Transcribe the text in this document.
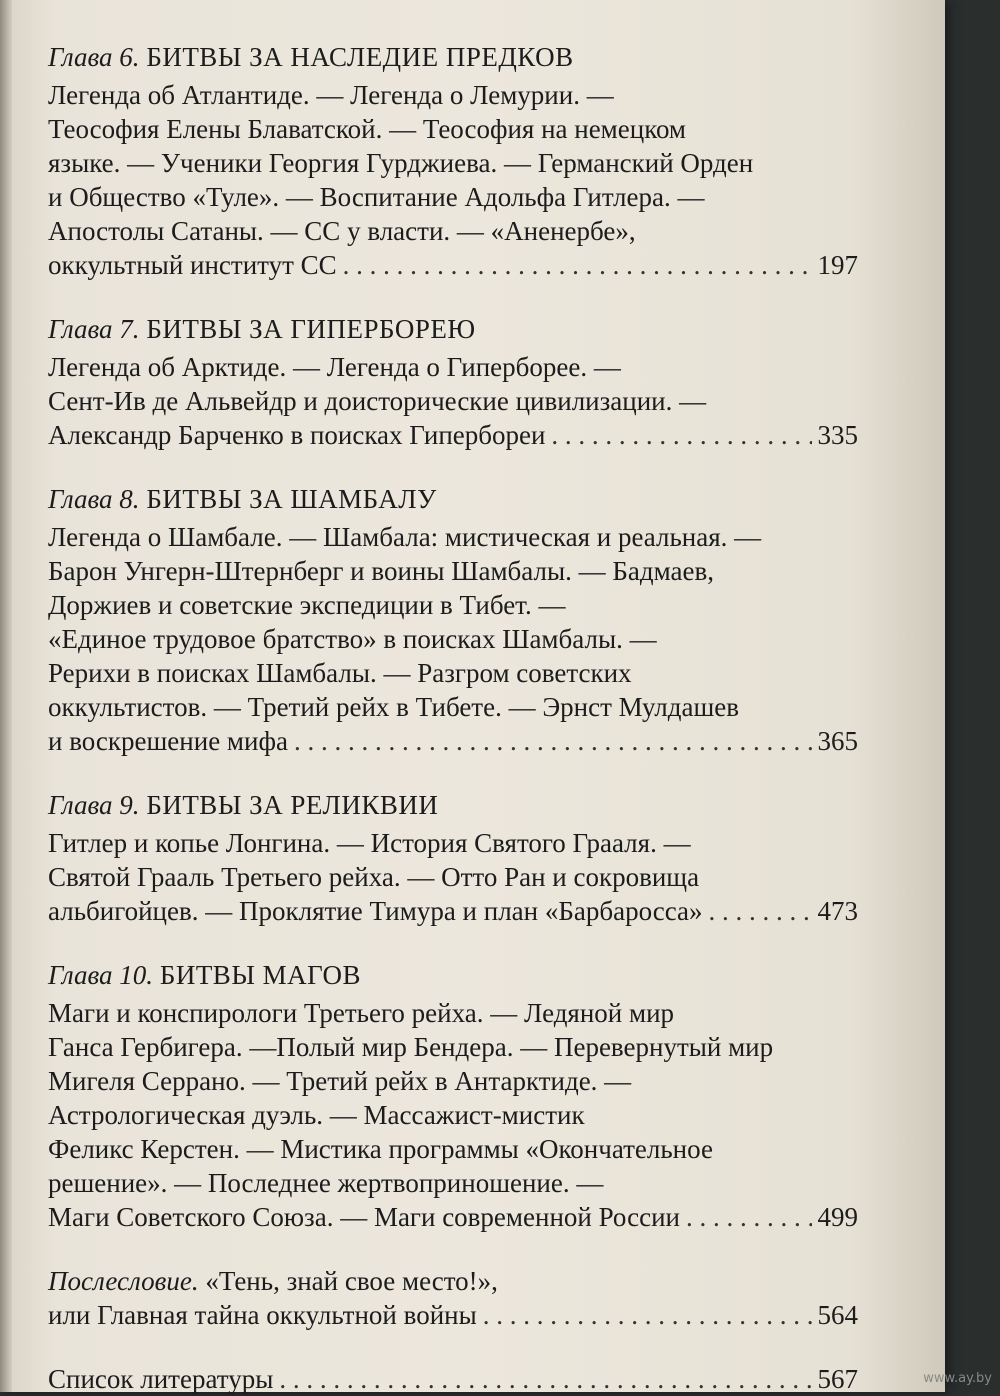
Глава 6. БИТВЫ ЗА НАСЛЕДИЕ ПРЕДКОВ
Легенда об Атлантиде. — Легенда о Лемурии. —
Теософия Елены Блаватской. — Теософия на немецком
языке. — Ученики Георгия Гурджиева. — Германский Орден
и Общество «Туле». — Воспитание Адольфа Гитлера. —
Апостолы Сатаны. — СС у власти. — «Аненербе»,
оккультный институт СС . . .	197
Глава 7. БИТВЫ ЗА ГИПЕРБОРЕЮ
Легенда об Арктиде. — Легенда о Гиперборее. —
Сент-Ив де Альвейдр и доисторические цивилизации. —
Александр Барченко в поисках Гипербореи . . .	335
Глава 8. БИТВЫ ЗА ШАМБАЛУ
Легенда о Шамбале. — Шамбала: мистическая и реальная. —
Барон Унгерн-Штернберг и воины Шамбалы. — Бадмаев,
Доржиев и советские экспедиции в Тибет. —
«Единое трудовое братство» в поисках Шамбалы. —
Рерихи в поисках Шамбалы. — Разгром советских
оккультистов. — Третий рейх в Тибете. — Эрнст Мулдашев
и воскрешение мифа . . .	365
Глава 9. БИТВЫ ЗА РЕЛИКВИИ
Гитлер и копье Лонгина. — История Святого Грааля. —
Святой Грааль Третьего рейха. — Отто Ран и сокровища
альбигойцев. — Проклятие Тимура и план «Барбаросса» . . .	473
Глава 10. БИТВЫ МАГОВ
Маги и конспирологи Третьего рейха. — Ледяной мир
Ганса Гербигера. —Полый мир Бендера. — Перевернутый мир
Мигеля Серрано. — Третий рейх в Антарктиде. —
Астрологическая дуэль. — Массажист-мистик
Феликс Керстен. — Мистика программы «Окончательное
решение». — Последнее жертвоприношение. —
Маги Советского Союза. — Маги современной России . . .	499
Послесловие. «Тень, знай свое место!»,
или Главная тайна оккультной войны . . .	564
Список литературы . . .	567	www.ay.by
